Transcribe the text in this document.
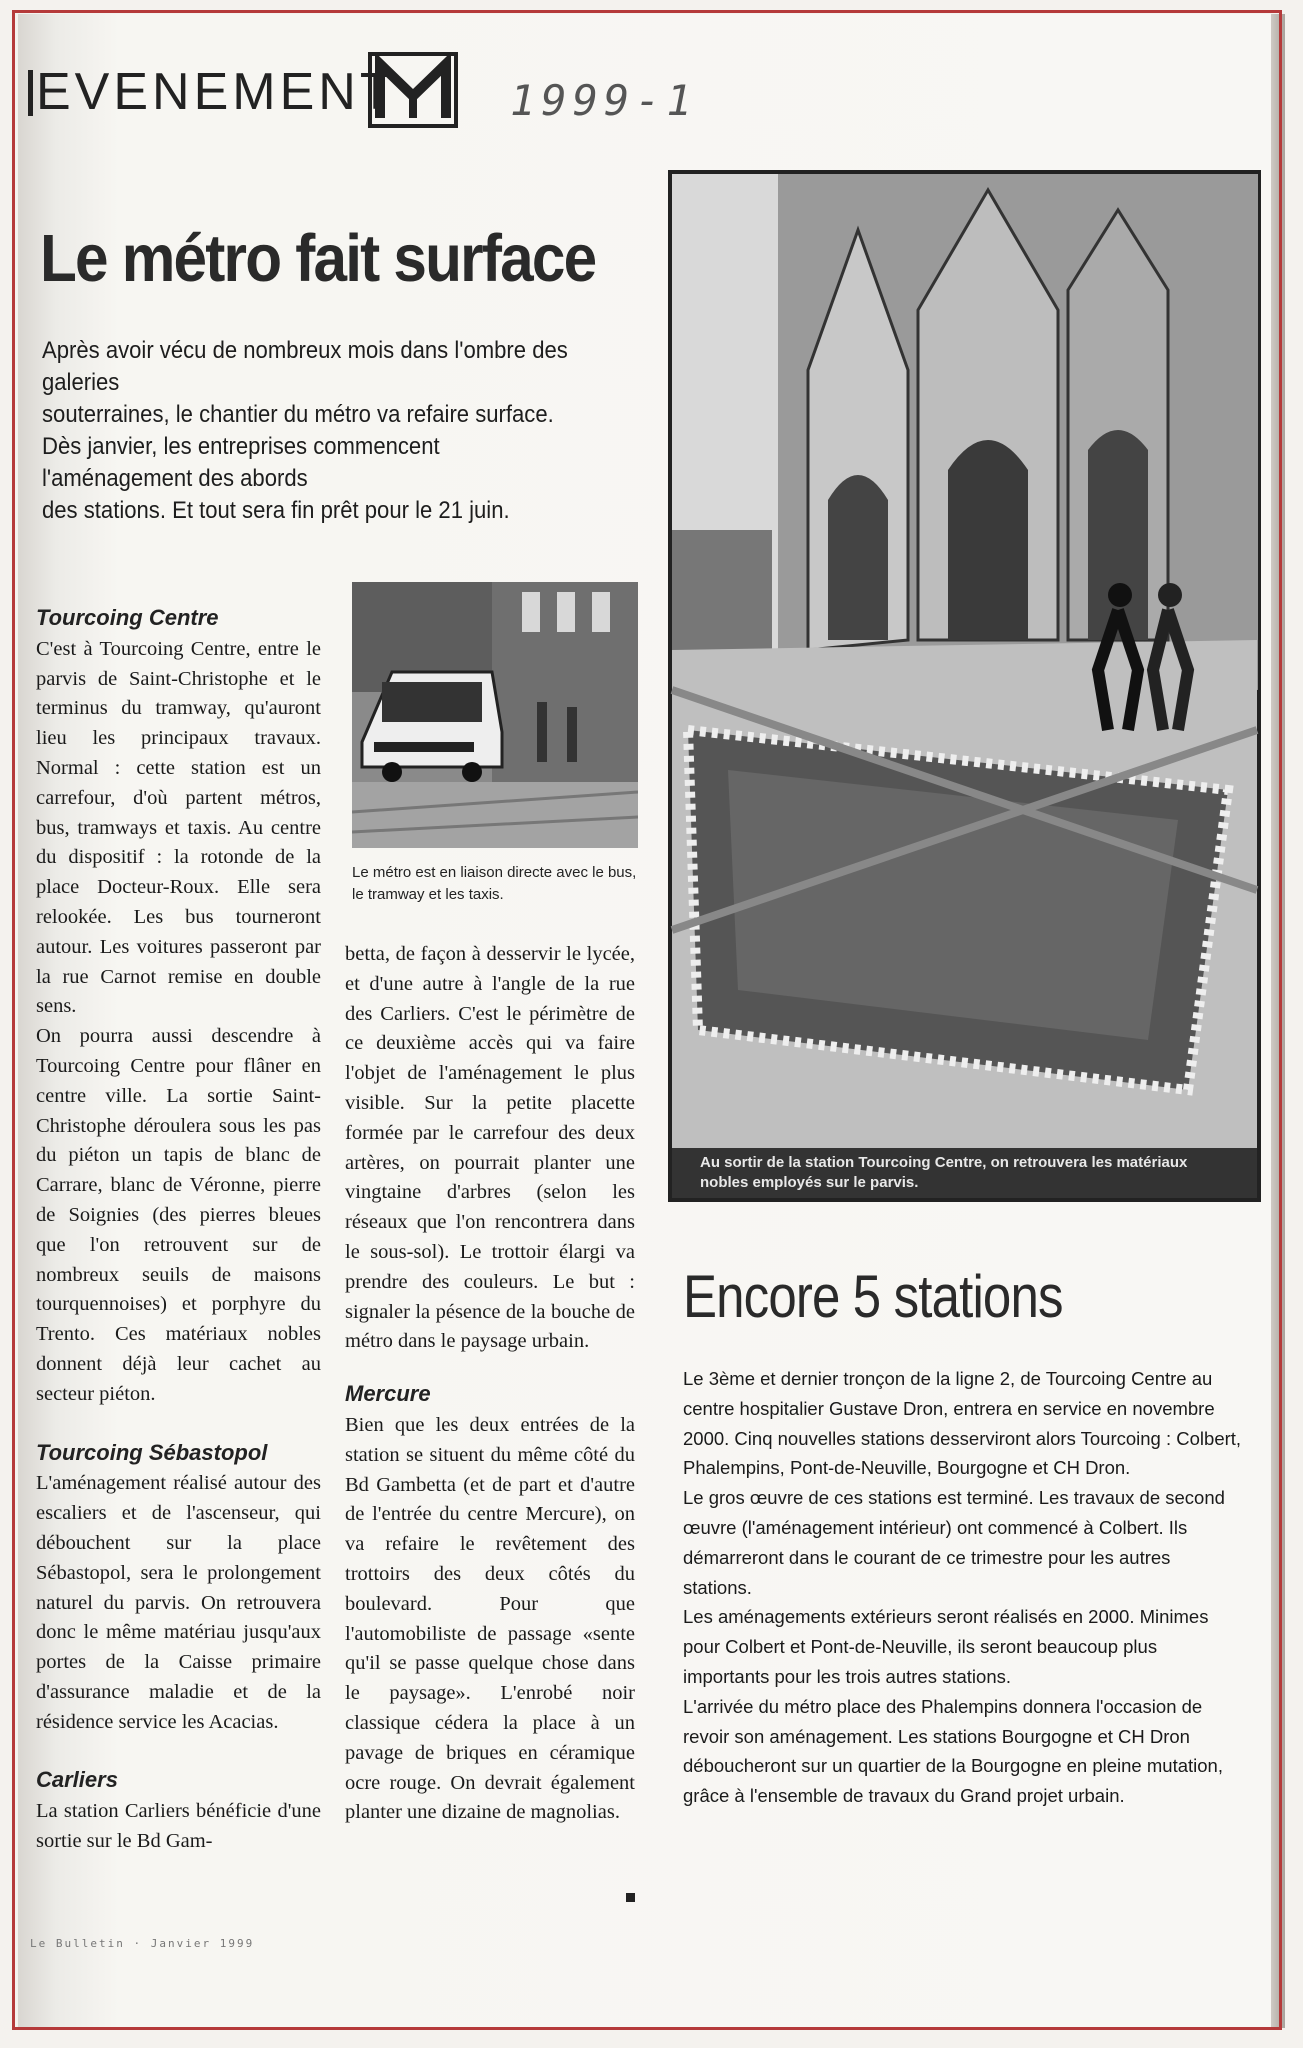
EVENEMENT	1999-1
Le métro fait surface

Après avoir vécu de nombreux mois dans l'ombre des galeries

souterraines, le chantier du métro va refaire surface.

Dès janvier, les entreprises commencent l'aménagement des abords

des stations. Et tout sera fin prêt pour le 21 juin.

Le métro est en liaison directe avec le bus, le tramway et les taxis.
Tourcoing Centre

C'est à Tourcoing Centre, entre le parvis de Saint-Christophe et le terminus du tramway, qu'auront lieu les principaux travaux. Normal : cette station est un carrefour, d'où partent métros, bus, tramways et taxis. Au centre du dispositif : la rotonde de la place Docteur-Roux. Elle sera relookée. Les bus tourneront autour. Les voitures passeront par la rue Carnot remise en double sens.

On pourra aussi descendre à Tourcoing Centre pour flâner en centre ville. La sortie Saint-Christophe déroulera sous les pas du piéton un tapis de blanc de Carrare, blanc de Véronne, pierre de Soignies (des pierres bleues que l'on retrouvent sur de nombreux seuils de maisons tourquennoises) et porphyre du Trento. Ces matériaux nobles donnent déjà leur cachet au secteur piéton.

Tourcoing Sébastopol

L'aménagement réalisé autour des escaliers et de l'ascenseur, qui débouchent sur la place Sébastopol, sera le prolongement naturel du parvis. On retrouvera donc le même matériau jusqu'aux portes de la Caisse primaire d'assurance maladie et de la résidence service les Acacias.

Carliers

La station Carliers bénéficie d'une sortie sur le Bd Gam-

betta, de façon à desservir le lycée, et d'une autre à l'angle de la rue des Carliers. C'est le périmètre de ce deuxième accès qui va faire l'objet de l'aménagement le plus visible. Sur la petite placette formée par le carrefour des deux artères, on pourrait planter une vingtaine d'arbres (selon les réseaux que l'on rencontrera dans le sous-sol). Le trottoir élargi va prendre des couleurs. Le but : signaler la pésence de la bouche de métro dans le paysage urbain.

Mercure

Bien que les deux entrées de la station se situent du même côté du Bd Gambetta (et de part et d'autre de l'entrée du centre Mercure), on va refaire le revêtement des trottoirs des deux côtés du boulevard. Pour que l'automobiliste de passage «sente qu'il se passe quelque chose dans le paysage». L'enrobé noir classique cédera la place à un pavage de briques en céramique ocre rouge. On devrait également planter une dizaine de magnolias.

Au sortir de la station Tourcoing Centre, on retrouvera les matériaux nobles employés sur le parvis.
Encore 5 stations

Le 3ème et dernier tronçon de la ligne 2, de Tourcoing Centre au centre hospitalier Gustave Dron, entrera en service en novembre 2000. Cinq nouvelles stations desserviront alors Tourcoing : Colbert, Phalempins, Pont-de-Neuville, Bourgogne et CH Dron.

Le gros œuvre de ces stations est terminé. Les travaux de second œuvre (l'aménagement intérieur) ont commencé à Colbert. Ils démarreront dans le courant de ce trimestre pour les autres stations.

Les aménagements extérieurs seront réalisés en 2000. Minimes pour Colbert et Pont-de-Neuville, ils seront beaucoup plus importants pour les trois autres stations.

L'arrivée du métro place des Phalempins donnera l'occasion de revoir son aménagement. Les stations Bourgogne et CH Dron déboucheront sur un quartier de la Bourgogne en pleine mutation, grâce à l'ensemble de travaux du Grand projet urbain.

Le Bulletin · Janvier 1999
